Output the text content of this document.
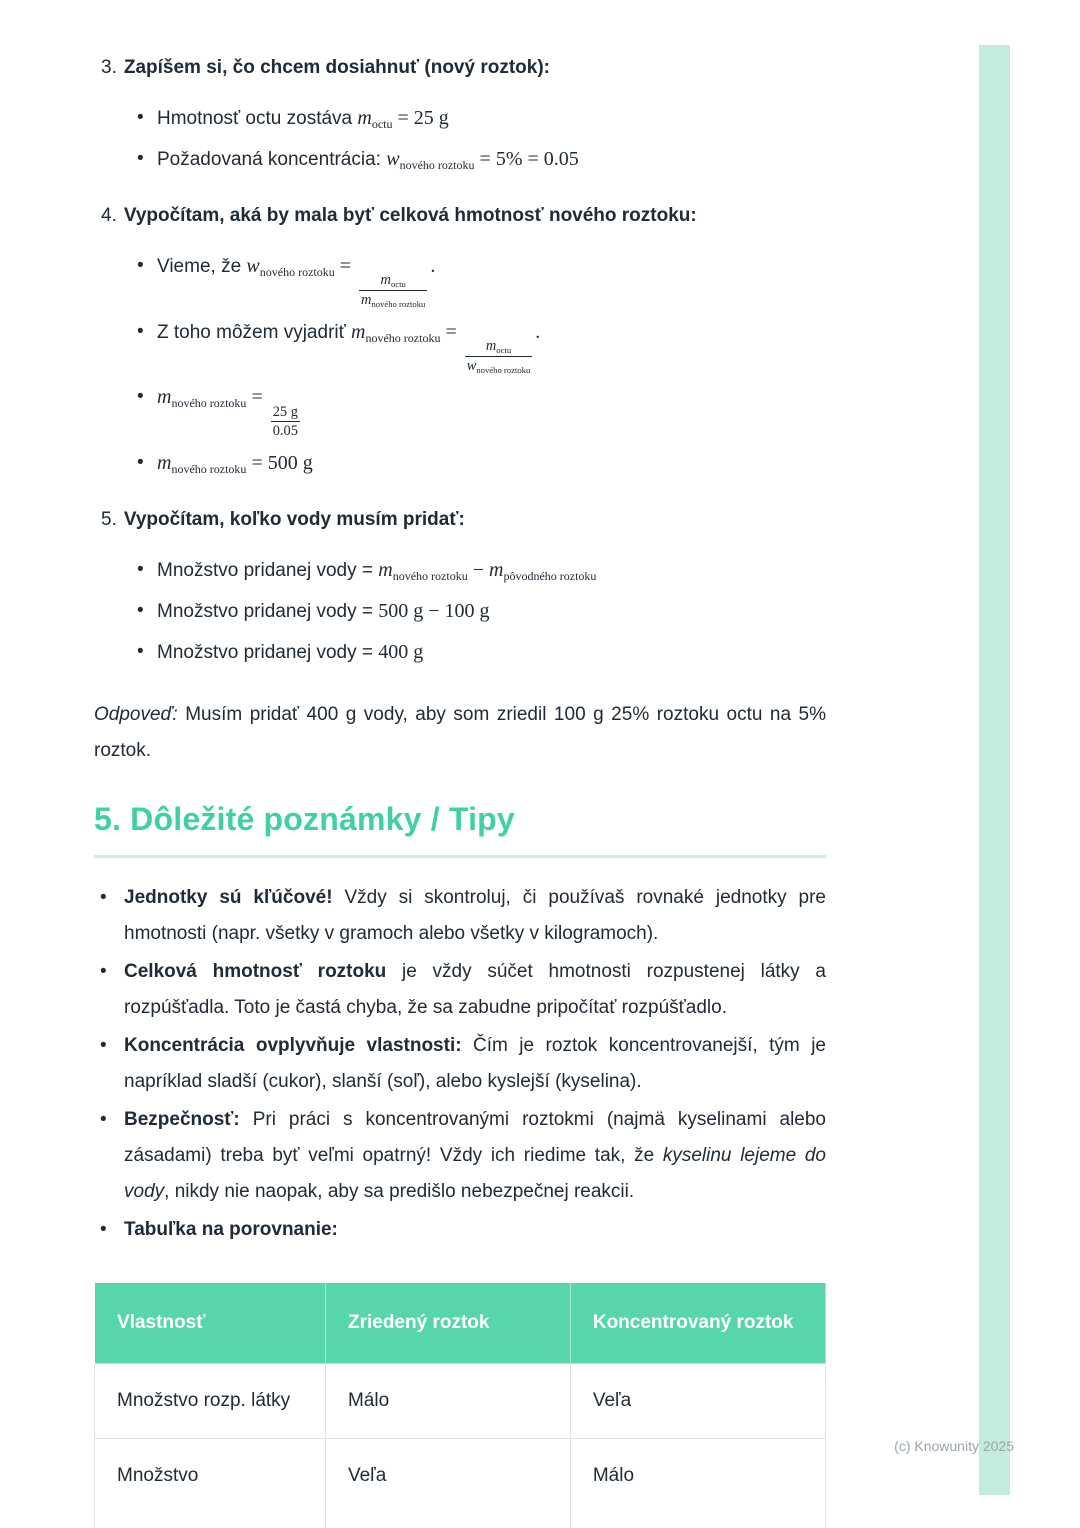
(c) Knowunity 2025
3. Zapíšem si, čo chcem dosiahnuť (nový roztok):
• Hmotnosť octu zostáva $m_{octu} = 25$ g
• Požadovaná koncentrácia: $w_{nového roztoku} = 5\% = 0.05$
4. Vypočítam, aká by mala byť celková hmotnosť nového roztoku:
• Vieme, že $w_{nového roztoku}$ =
$\frac{m_{octu}}{m_{nového roztoku}}$
.
• Z toho môžem vyjadriť $m_{nového roztoku}$ =
$\frac{m_{octu}}{w_{nového roztoku}}$
.
• $m_{nového roztoku}$ =
$\frac{25 g}{0.05}$
• $m_{nového roztoku} = 500$ g
5. Vypočítam, koľko vody musím pridať:
• Množstvo pridanej vody = $m_{nového roztoku} - m_{pôvodného roztoku}$
• Množstvo pridanej vody = 500 g − 100 g
• Množstvo pridanej vody = 400 g

Odpoveď: Musím pridať 400 g vody, aby som zriedil 100 g 25% roztoku octu na 5% roztok.

5. Dôležité poznámky / Tipy
• Jednotky sú kľúčové! Vždy si skontroluj, či používaš rovnaké jednotky pre hmotnosti (napr. všetky v gramoch alebo všetky v kilogramoch).
• Celková hmotnosť roztoku je vždy súčet hmotnosti rozpustenej látky a rozpúšťadla. Toto je častá chyba, že sa zabudne pripočítať rozpúšťadlo.
• Koncentrácia ovplyvňuje vlastnosti: Čím je roztok koncentrovanejší, tým je napríklad sladší (cukor), slanší (soľ), alebo kyslejší (kyselina).
• Bezpečnosť: Pri práci s koncentrovanými roztokmi (najmä kyselinami alebo zásadami) treba byť veľmi opatrný! Vždy ich riedime tak, že kyselinu lejeme do vody, nikdy nie naopak, aby sa predišlo nebezpečnej reakcii.
• Tabuľka na porovnanie:
Vlastnosť	Zriedený roztok	Koncentrovaný roztok
Množstvo rozp. látky	Málo	Veľa
Množstvo	Veľa	Málo
